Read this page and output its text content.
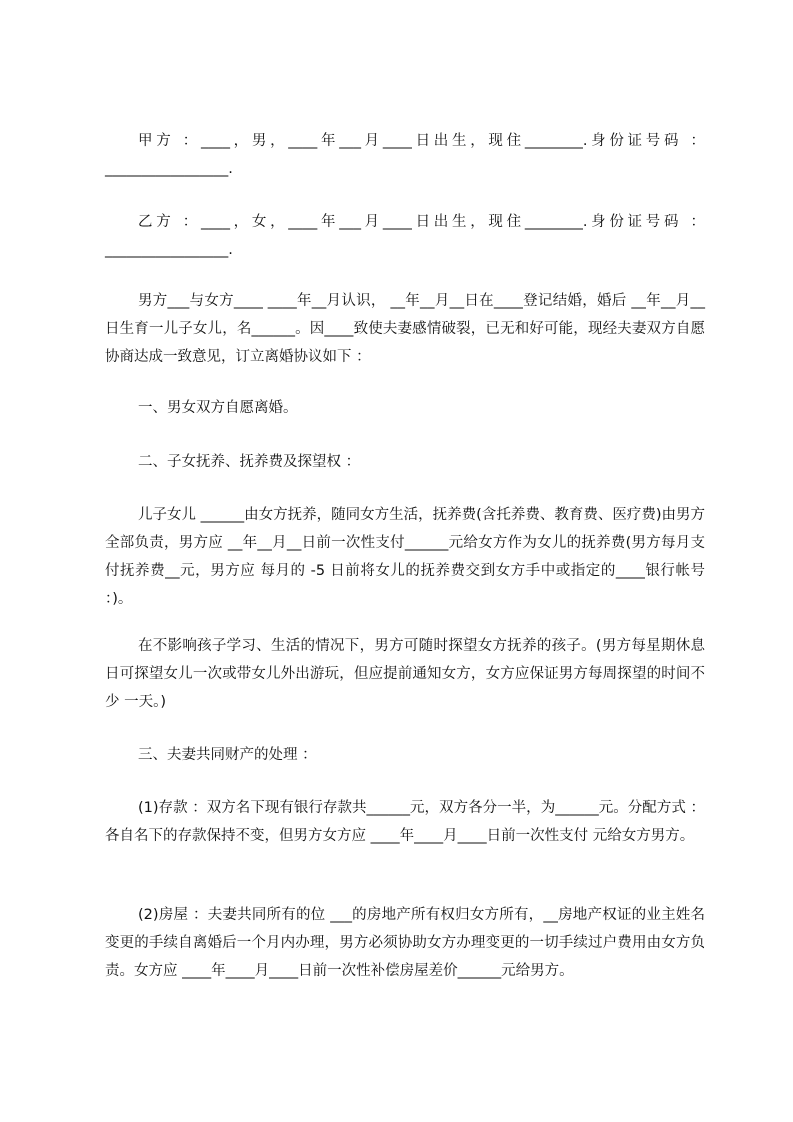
甲方 ：____，男，____年___月____日出生，现住________.身份证号码 ：_________________.

乙方 ：____，女，____年___月____日出生，现住________.身份证号码 ：_________________.

男方___与女方____ ____年__月认识， __年__月__日在____登记结婚，婚后 __年__月__日生育一儿子女儿，名______。因____致使夫妻感情破裂，已无和好可能，现经夫妻双方自愿协商达成一致意见，订立离婚协议如下 ：

一、男女双方自愿离婚。

二、子女抚养、抚养费及探望权 ：

儿子女儿 ______由女方抚养，随同女方生活，抚养费(含托养费、教育费、医疗费)由男方全部负责，男方应 __年__月__日前一次性支付______元给女方作为女儿的抚养费(男方每月支付抚养费__元，男方应 每月的 -5 日前将女儿的抚养费交到女方手中或指定的____银行帐号 ：)。

在不影响孩子学习、生活的情况下，男方可随时探望女方抚养的孩子。(男方每星期休息日可探望女儿一次或带女儿外出游玩，但应提前通知女方，女方应保证男方每周探望的时间不少 一天。)

三、夫妻共同财产的处理 ：

(1)存款 ：双方名下现有银行存款共______元，双方各分一半，为______元。分配方式 ：各自名下的存款保持不变，但男方女方应 ____年____月____日前一次性支付 元给女方男方。

(2)房屋 ：夫妻共同所有的位 ___的房地产所有权归女方所有，__房地产权证的业主姓名变更的手续自离婚后一个月内办理，男方必须协助女方办理变更的一切手续过户费用由女方负责。女方应 ____年____月____日前一次性补偿房屋差价______元给男方。
